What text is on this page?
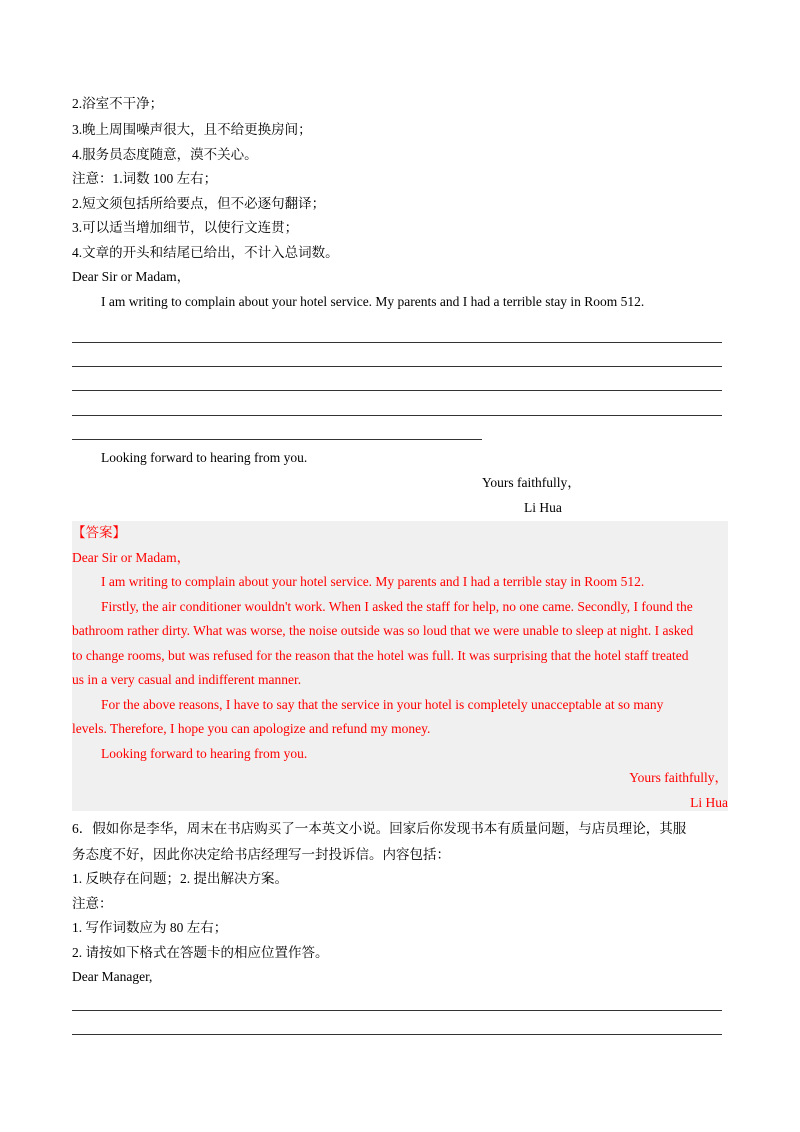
2.浴室不干净；
3.晚上周围噪声很大，且不给更换房间；
4.服务员态度随意，漠不关心。
注意：1.词数 100 左右；
2.短文须包括所给要点，但不必逐句翻译；
3.可以适当增加细节，以使行文连贯；
4.文章的开头和结尾已给出，不计入总词数。
Dear Sir or Madam，
I am writing to complain about your hotel service. My parents and I had a terrible stay in Room 512.
Looking forward to hearing from you.
Yours faithfully，
Li Hua
【答案】
Dear Sir or Madam，
I am writing to complain about your hotel service. My parents and I had a terrible stay in Room 512.
Firstly, the air conditioner wouldn't work. When I asked the staff for help, no one came. Secondly, I found the
bathroom rather dirty. What was worse, the noise outside was so loud that we were unable to sleep at night. I asked
to change rooms, but was refused for the reason that the hotel was full. It was surprising that the hotel staff treated
us in a very casual and indifferent manner.
For the above reasons, I have to say that the service in your hotel is completely unacceptable at so many
levels. Therefore, I hope you can apologize and refund my money.
Looking forward to hearing from you.
Yours faithfully，
Li Hua
6．假如你是李华，周末在书店购买了一本英文小说。回家后你发现书本有质量问题，与店员理论，其服
务态度不好，因此你决定给书店经理写一封投诉信。内容包括：
1. 反映存在问题；2. 提出解决方案。
注意：
1. 写作词数应为 80 左右；
2. 请按如下格式在答题卡的相应位置作答。
Dear Manager,
